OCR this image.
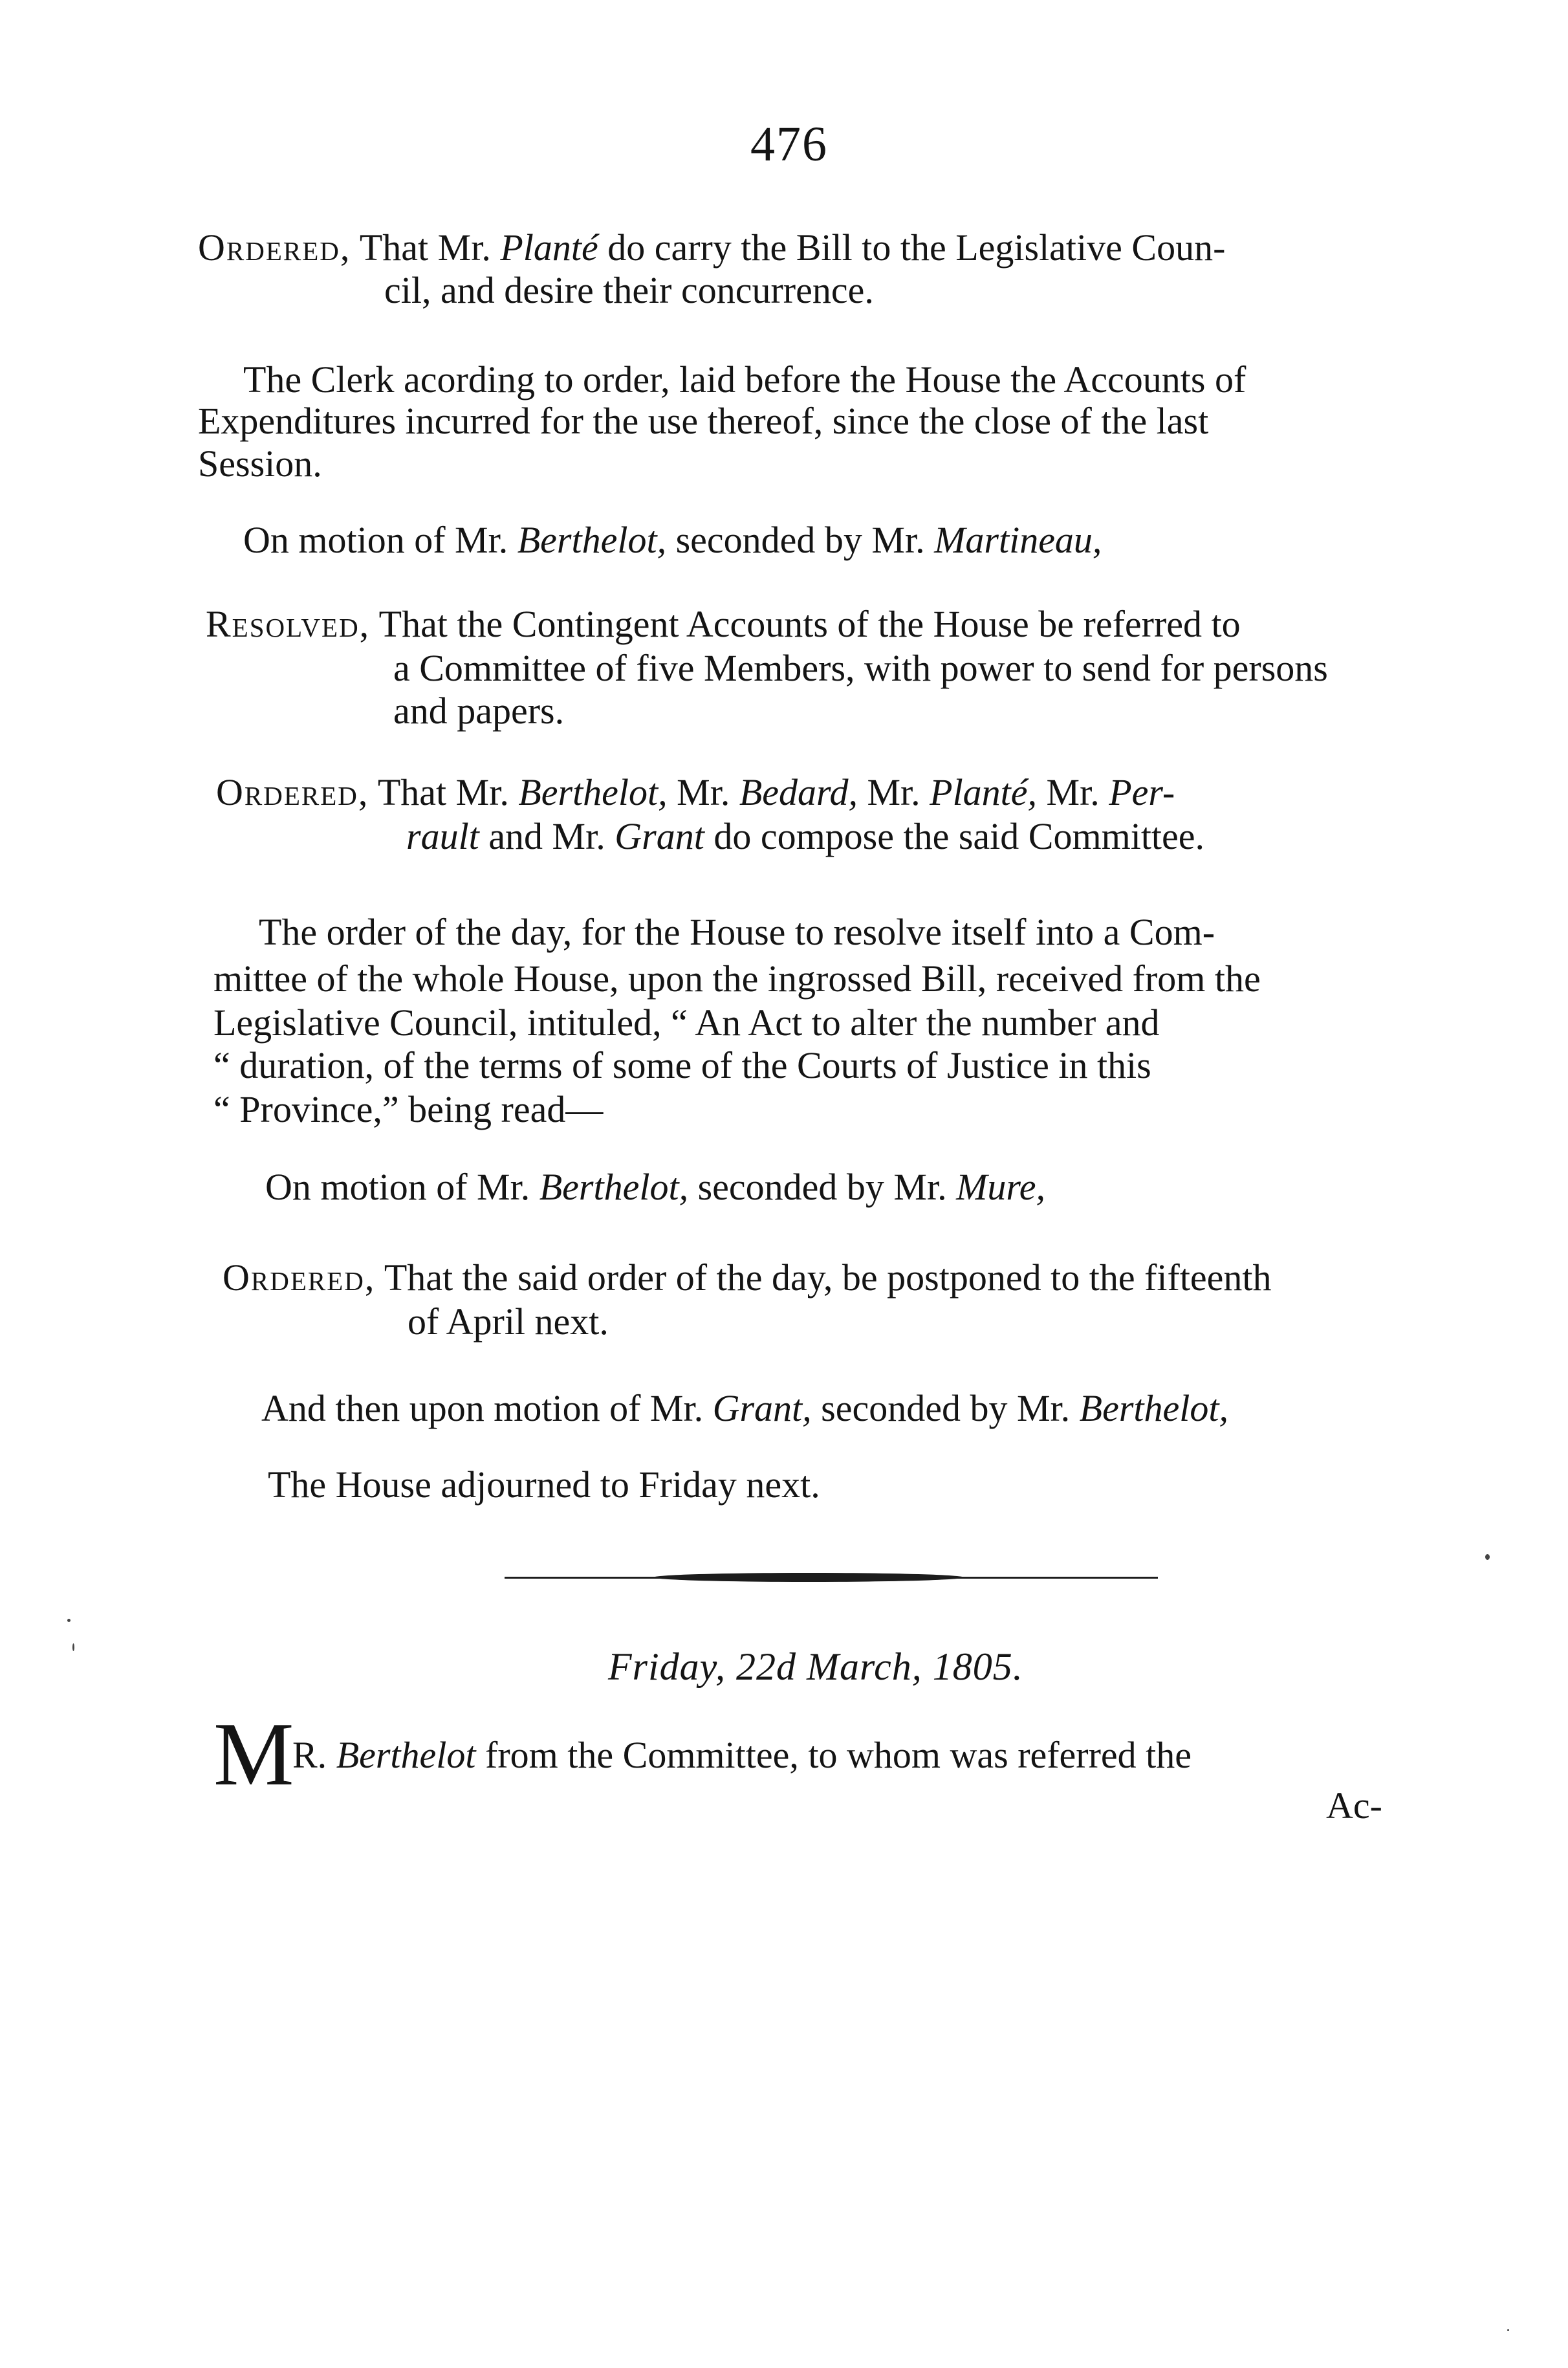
476
Ordered, That Mr. Planté do carry the Bill to the Legislative Coun-
cil, and desire their concurrence.
The Clerk acording to order, laid before the House the Accounts of
Expenditures incurred for the use thereof, since the close of the last
Session.
On motion of Mr. Berthelot, seconded by Mr. Martineau,
Resolved, That the Contingent Accounts of the House be referred to
a Committee of five Members, with power to send for persons
and papers.
Ordered, That Mr. Berthelot, Mr. Bedard, Mr. Planté, Mr. Per-
rault and Mr. Grant do compose the said Committee.
The order of the day, for the House to resolve itself into a Com-
mittee of the whole House, upon the ingrossed Bill, received from the
Legislative Council, intituled, “ An Act to alter the number and
“ duration, of the terms of some of the Courts of Justice in this
“ Province,” being read—
On motion of Mr. Berthelot, seconded by Mr. Mure,
Ordered, That the said order of the day, be postponed to the fifteenth
of April next.
And then upon motion of Mr. Grant, seconded by Mr. Berthelot,
The House adjourned to Friday next.
Friday, 22d March, 1805.
M
R. Berthelot from the Committee, to whom was referred the
Ac-
